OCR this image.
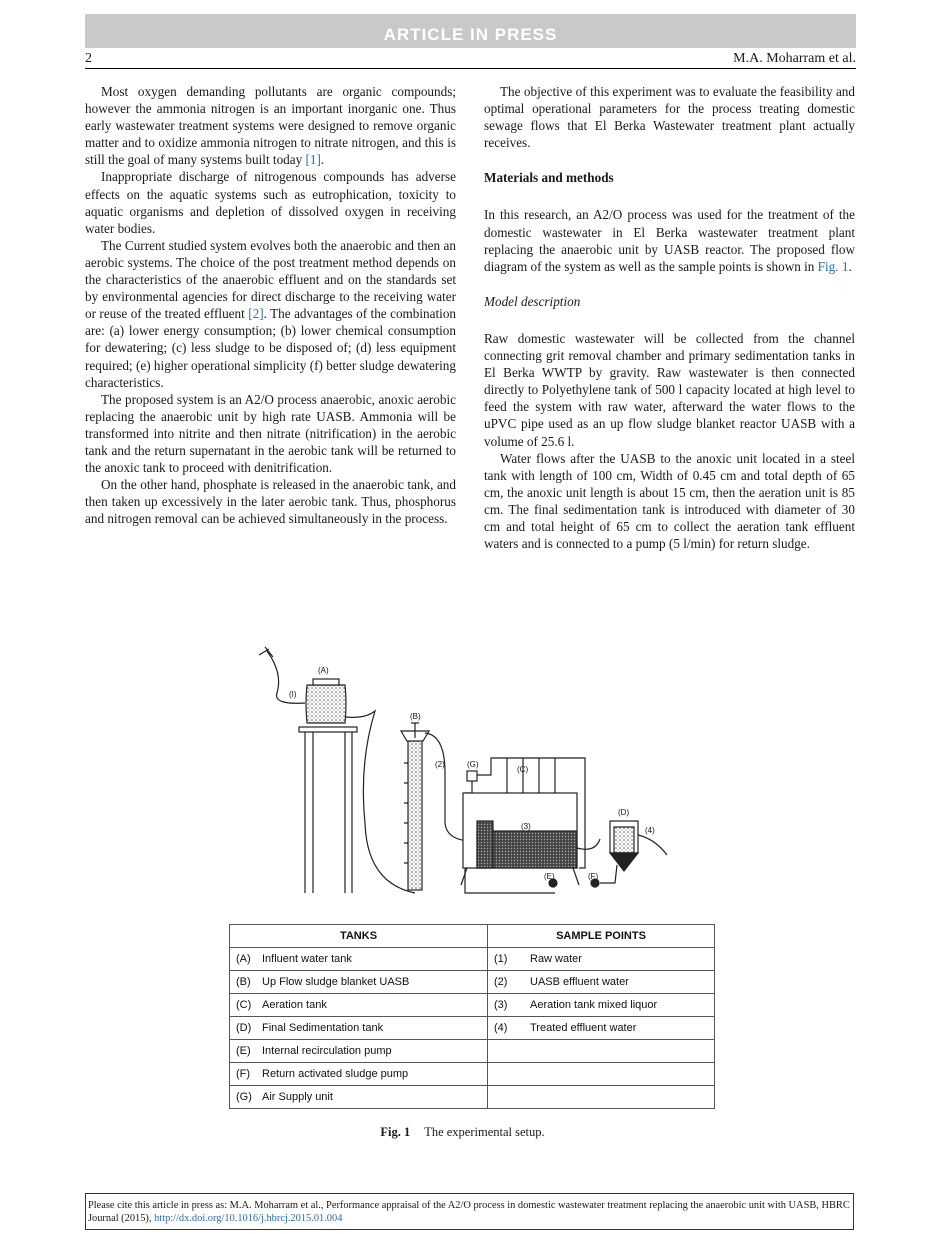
ARTICLE IN PRESS
2	M.A. Moharram et al.

Most oxygen demanding pollutants are organic compounds; however the ammonia nitrogen is an important inorganic one. Thus early wastewater treatment systems were designed to remove organic matter and to oxidize ammonia nitrogen to nitrate nitrogen, and this is still the goal of many systems built today [1].

Inappropriate discharge of nitrogenous compounds has adverse effects on the aquatic systems such as eutrophication, toxicity to aquatic organisms and depletion of dissolved oxygen in receiving water bodies.

The Current studied system evolves both the anaerobic and then an aerobic systems. The choice of the post treatment method depends on the characteristics of the anaerobic effluent and on the standards set by environmental agencies for direct discharge to the receiving water or reuse of the treated effluent [2]. The advantages of the combination are: (a) lower energy consumption; (b) lower chemical consumption for dewatering; (c) less sludge to be disposed of; (d) less equipment required; (e) higher operational simplicity (f) better sludge dewatering characteristics.

The proposed system is an A2/O process anaerobic, anoxic aerobic replacing the anaerobic unit by high rate UASB. Ammonia will be transformed into nitrite and then nitrate (nitrification) in the aerobic tank and the return supernatant in the aerobic tank will be returned to the anoxic tank to proceed with denitrification.

On the other hand, phosphate is released in the anaerobic tank, and then taken up excessively in the later aerobic tank. Thus, phosphorus and nitrogen removal can be achieved simultaneously in the process.

The objective of this experiment was to evaluate the feasibility and optimal operational parameters for the process treating domestic sewage flows that El Berka Wastewater treatment plant actually receives.

Materials and methods

In this research, an A2/O process was used for the treatment of the domestic wastewater in El Berka wastewater treatment plant replacing the anaerobic unit by UASB reactor. The proposed flow diagram of the system as well as the sample points is shown in Fig. 1.

Model description

Raw domestic wastewater will be collected from the channel connecting grit removal chamber and primary sedimentation tanks in El Berka WWTP by gravity. Raw wastewater is then connected directly to Polyethylene tank of 500 l capacity located at high level to feed the system with raw water, afterward the water flows to the uPVC pipe used as an up flow sludge blanket reactor UASB with a volume of 25.6 l.

Water flows after the UASB to the anoxic unit located in a steel tank with length of 100 cm, Width of 0.45 cm and total depth of 65 cm, the anoxic unit length is about 15 cm, then the aeration unit is 85 cm. The final sedimentation tank is introduced with diameter of 30 cm and total height of 65 cm to collect the aeration tank effluent waters and is connected to a pump (5 l/min) for return sludge.

(A)
(I)
(B)
(2)	(G)
(C)
(3)
(D)
(4)
(E)	(F)
TANKS	SAMPLE POINTS
(A) Influent water tank	(1) Raw water
(B) Up Flow sludge blanket UASB	(2) UASB effluent water
(C) Aeration tank	(3) Aeration tank mixed liquor
(D) Final Sedimentation tank	(4) Treated effluent water
(E) Internal recirculation pump	
(F) Return activated sludge pump	
(G) Air Supply unit	
Fig. 1 The experimental setup.
Please cite this article in press as: M.A. Moharram et al., Performance appraisal of the A2/O process in domestic wastewater treatment replacing the anaerobic unit with UASB, HBRC Journal (2015), http://dx.doi.org/10.1016/j.hbrcj.2015.01.004
